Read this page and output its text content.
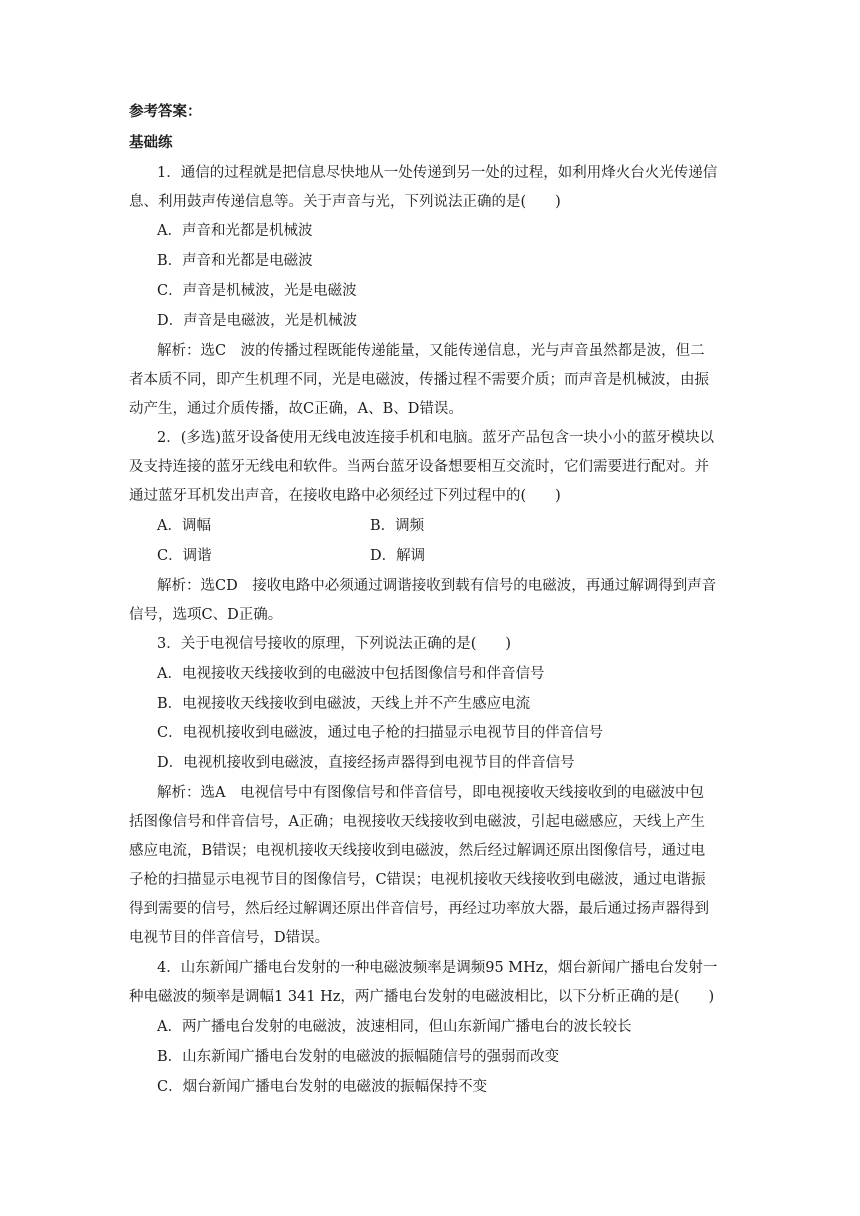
参考答案：
基础练
1．通信的过程就是把信息尽快地从一处传递到另一处的过程，如利用烽火台火光传递信
息、利用鼓声传递信息等。关于声音与光，下列说法正确的是(　　)
A．声音和光都是机械波
B．声音和光都是电磁波
C．声音是机械波，光是电磁波
D．声音是电磁波，光是机械波
解析：选C　波的传播过程既能传递能量，又能传递信息，光与声音虽然都是波，但二
者本质不同，即产生机理不同，光是电磁波，传播过程不需要介质；而声音是机械波，由振
动产生，通过介质传播，故C正确，A、B、D错误。
2．(多选)蓝牙设备使用无线电波连接手机和电脑。蓝牙产品包含一块小小的蓝牙模块以
及支持连接的蓝牙无线电和软件。当两台蓝牙设备想要相互交流时，它们需要进行配对。并
通过蓝牙耳机发出声音，在接收电路中必须经过下列过程中的(　　)
A．调幅	B．调频
C．调谐	D．解调
解析：选CD　接收电路中必须通过调谐接收到载有信号的电磁波，再通过解调得到声音
信号，选项C、D正确。
3．关于电视信号接收的原理，下列说法正确的是(　　)
A．电视接收天线接收到的电磁波中包括图像信号和伴音信号
B．电视接收天线接收到电磁波，天线上并不产生感应电流
C．电视机接收到电磁波，通过电子枪的扫描显示电视节目的伴音信号
D．电视机接收到电磁波，直接经扬声器得到电视节目的伴音信号
解析：选A　电视信号中有图像信号和伴音信号，即电视接收天线接收到的电磁波中包
括图像信号和伴音信号，A正确；电视接收天线接收到电磁波，引起电磁感应，天线上产生
感应电流，B错误；电视机接收天线接收到电磁波，然后经过解调还原出图像信号，通过电
子枪的扫描显示电视节目的图像信号，C错误；电视机接收天线接收到电磁波，通过电谐振
得到需要的信号，然后经过解调还原出伴音信号，再经过功率放大器，最后通过扬声器得到
电视节目的伴音信号，D错误。
4．山东新闻广播电台发射的一种电磁波频率是调频95 MHz，烟台新闻广播电台发射一
种电磁波的频率是调幅1 341 Hz，两广播电台发射的电磁波相比，以下分析正确的是(　　)
A．两广播电台发射的电磁波，波速相同，但山东新闻广播电台的波长较长
B．山东新闻广播电台发射的电磁波的振幅随信号的强弱而改变
C．烟台新闻广播电台发射的电磁波的振幅保持不变
